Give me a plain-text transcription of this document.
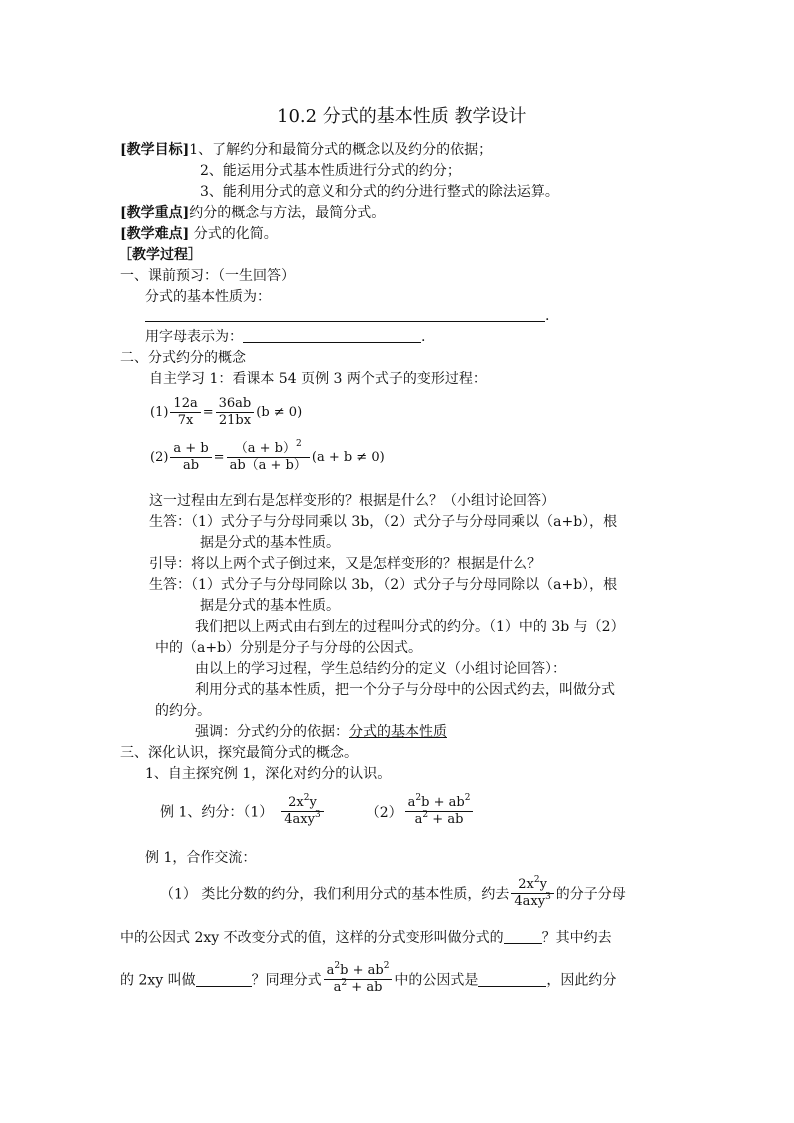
10.2 分式的基本性质 教学设计
[教学目标]1、了解约分和最简分式的概念以及约分的依据；
2、能运用分式基本性质进行分式的约分；
3、能利用分式的意义和分式的约分进行整式的除法运算。
[教学重点]约分的概念与方法，最简分式。
[教学难点] 分式的化简。
［教学过程］
一、课前预习：（一生回答）
分式的基本性质为：
.
用字母表示为：	.
二、分式约分的概念
自主学习 1：看课本 54 页例 3 两个式子的变形过程：
$(1) \frac{12a}{7x} = \frac{36ab}{21bx} (b \ne 0)$
$(2) \frac{a + b}{ab} = \frac{(a + b)^2}{ab(a + b)} (a + b \ne 0)$
这一过程由左到右是怎样变形的？根据是什么？（小组讨论回答）
生答：（1）式分子与分母同乘以 3b，（2）式分子与分母同乘以（a+b），根
据是分式的基本性质。
引导：将以上两个式子倒过来，又是怎样变形的？根据是什么？
生答：（1）式分子与分母同除以 3b，（2）式分子与分母同除以（a+b），根
据是分式的基本性质。
我们把以上两式由右到左的过程叫分式的约分。（1）中的 3b 与（2）
中的（a+b）分别是分子与分母的公因式。
由以上的学习过程，学生总结约分的定义（小组讨论回答）：
利用分式的基本性质，把一个分子与分母中的公因式约去，叫做分式
的约分。
强调：分式约分的依据：分式的基本性质
三、深化认识，探究最简分式的概念。
1、自主探究例 1，深化对约分的认识。
例 1、约分：$(1) \frac{2x^2y}{4axy^3}$	$(2) \frac{a^2b + ab^2}{a^2 + ab}$
例 1，合作交流：
（1） 类比分数的约分，我们利用分式的基本性质，约去 $\frac{2x^2y}{4axy^3}$ 的分子分母
中的公因式 2xy 不改变分式的值，这样的分式变形叫做分式的	？其中约去
的 2xy 叫做	？同理分式 $\frac{a^2b + ab^2}{a^2 + ab}$ 中的公因式是	，因此约分
